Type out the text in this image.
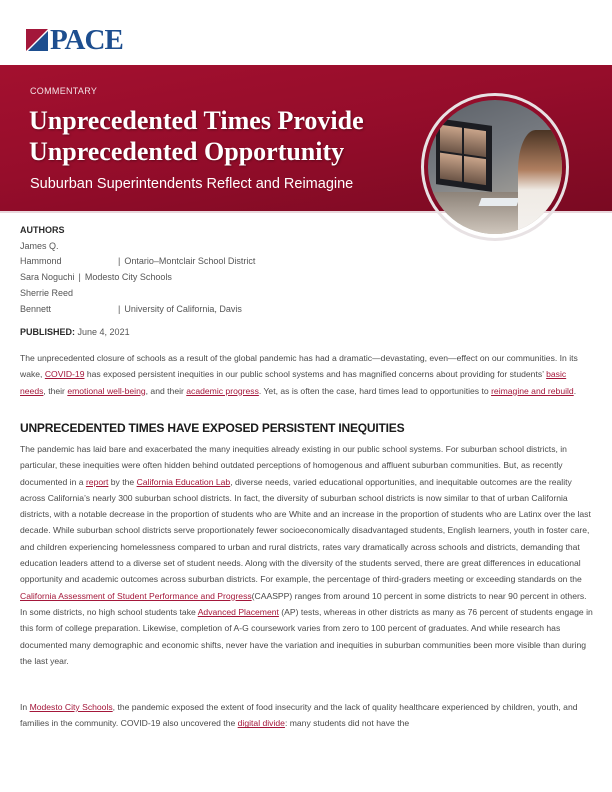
PACE
COMMENTARY
Unprecedented Times Provide Unprecedented Opportunity
Suburban Superintendents Reflect and Reimagine
AUTHORS
James Q.
Hammond	| Ontario–Montclair School District
Sara Noguchi | Modesto City Schools
Sherrie Reed
Bennett	| University of California, Davis
PUBLISHED: June 4, 2021

The unprecedented closure of schools as a result of the global pandemic has had a dramatic—devastating, even—effect on our communities. In its wake, COVID-19 has exposed persistent inequities in our public school systems and has magnified concerns about providing for students’ basic needs, their emotional well-being, and their academic progress. Yet, as is often the case, hard times lead to opportunities to reimagine and rebuild.

UNPRECEDENTED TIMES HAVE EXPOSED PERSISTENT INEQUITIES

The pandemic has laid bare and exacerbated the many inequities already existing in our public school systems. For suburban school districts, in particular, these inequities were often hidden behind outdated perceptions of homogenous and affluent suburban communities. But, as recently documented in a report by the California Education Lab, diverse needs, varied educational opportunities, and inequitable outcomes are the reality across California’s nearly 300 suburban school districts. In fact, the diversity of suburban school districts is now similar to that of urban California districts, with a notable decrease in the proportion of students who are White and an increase in the proportion of students who are Latinx over the last decade. While suburban school districts serve proportionately fewer socioeconomically disadvantaged students, English learners, youth in foster care, and children experiencing homelessness compared to urban and rural districts, rates vary dramatically across schools and districts, demanding that education leaders attend to a diverse set of student needs. Along with the diversity of the students served, there are great differences in educational opportunity and academic outcomes across suburban districts. For example, the percentage of third-graders meeting or exceeding standards on the California Assessment of Student Performance and Progress(CAASPP) ranges from around 10 percent in some districts to near 90 percent in others. In some districts, no high school students take Advanced Placement (AP) tests, whereas in other districts as many as 76 percent of students engage in this form of college preparation. Likewise, completion of A-G coursework varies from zero to 100 percent of graduates. And while research has documented many demographic and economic shifts, never have the variation and inequities in suburban communities been more visible than during the last year.

In Modesto City Schools, the pandemic exposed the extent of food insecurity and the lack of quality healthcare experienced by children, youth, and families in the community. COVID-19 also uncovered the digital divide: many students did not have the
